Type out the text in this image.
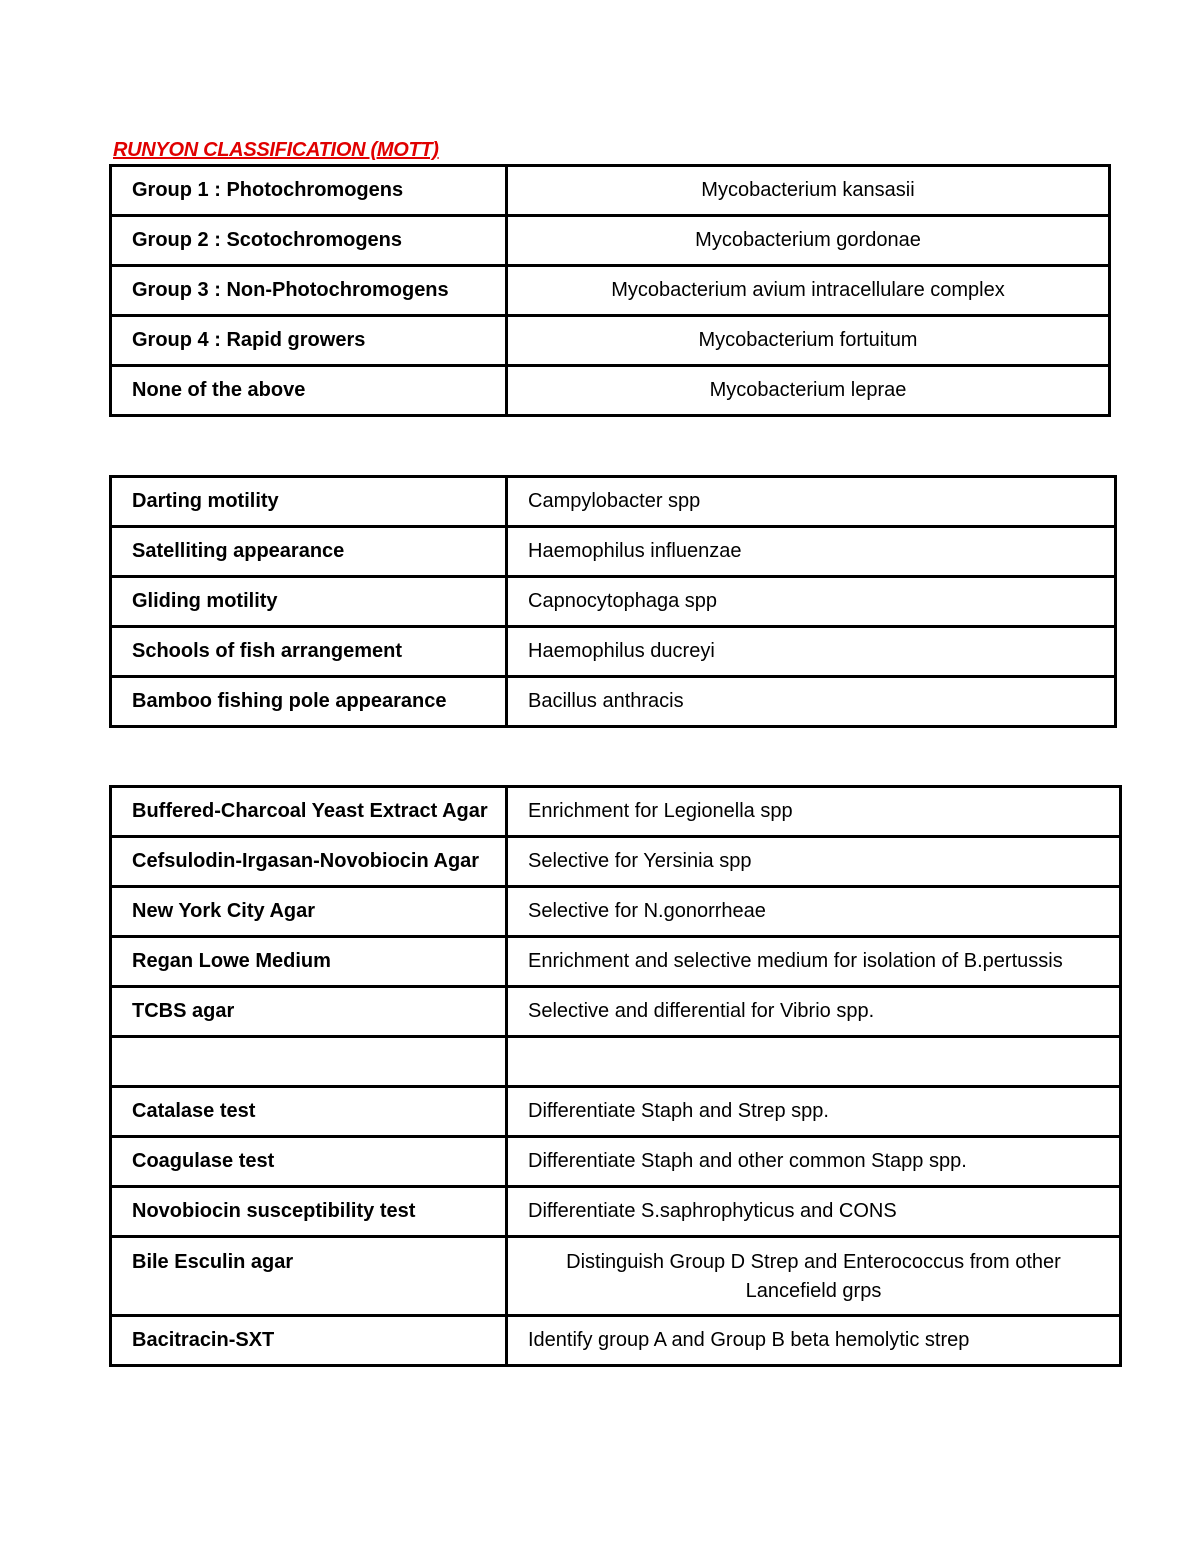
RUNYON CLASSIFICATION (MOTT)
Group 1 : Photochromogens	Mycobacterium kansasii
Group 2 : Scotochromogens	Mycobacterium gordonae
Group 3 : Non-Photochromogens	Mycobacterium avium intracellulare complex
Group 4 : Rapid growers	Mycobacterium fortuitum
None of the above	Mycobacterium leprae
Darting motility	Campylobacter spp
Satelliting appearance	Haemophilus influenzae
Gliding motility	Capnocytophaga spp
Schools of fish arrangement	Haemophilus ducreyi
Bamboo fishing pole appearance	Bacillus anthracis
Buffered-Charcoal Yeast Extract Agar	Enrichment for Legionella spp
Cefsulodin-Irgasan-Novobiocin Agar	Selective for Yersinia spp
New York City Agar	Selective for N.gonorrheae
Regan Lowe Medium	Enrichment and selective medium for isolation of B.pertussis
TCBS agar	Selective and differential for Vibrio spp.

Catalase test	Differentiate Staph and Strep spp.
Coagulase test	Differentiate Staph and other common Stapp spp.
Novobiocin susceptibility test	Differentiate S.saphrophyticus and CONS
Bile Esculin agar	Distinguish Group D Strep and Enterococcus from other Lancefield grps
Bacitracin-SXT	Identify group A and Group B beta hemolytic strep
